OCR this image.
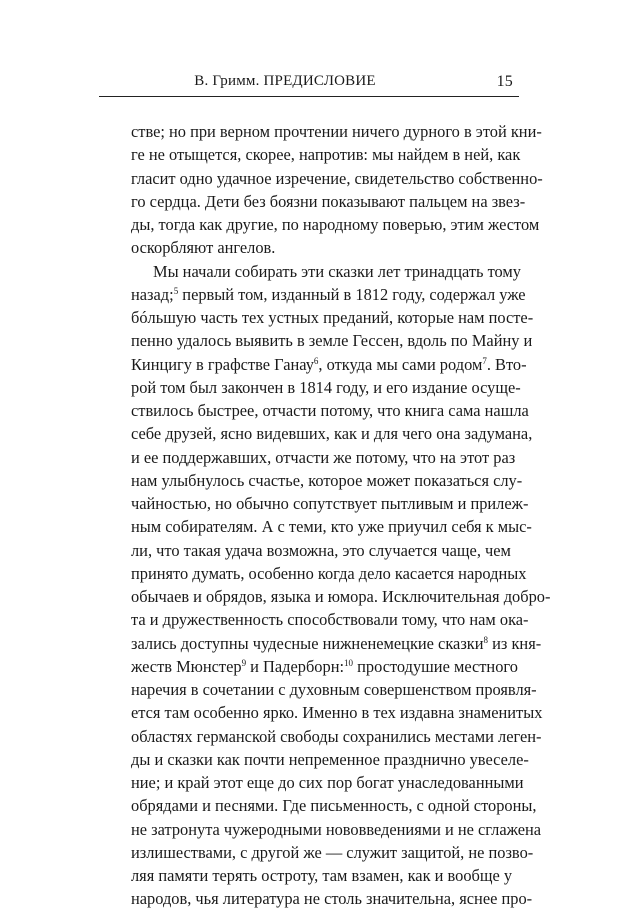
В. Гримм. ПРЕДИСЛОВИЕ	15
стве; но при верном прочтении ничего дурного в этой кни-
ге не отыщется, скорее, напротив: мы найдем в ней, как
гласит одно удачное изречение, свидетельство собственно-
го сердца. Дети без боязни показывают пальцем на звез-
ды, тогда как другие, по народному поверью, этим жестом
оскорбляют ангелов.
Мы начали собирать эти сказки лет тринадцать тому
назад;$^5$ первый том, изданный в 1812 году, содержал уже
бóльшую часть тех устных преданий, которые нам посте-
пенно удалось выявить в земле Гессен, вдоль по Майну и
Кинцигу в графстве Ганау$^6$, откуда мы сами родом$^7$. Вто-
рой том был закончен в 1814 году, и его издание осуще-
ствилось быстрее, отчасти потому, что книга сама нашла
себе друзей, ясно видевших, как и для чего она задумана,
и ее поддержавших, отчасти же потому, что на этот раз
нам улыбнулось счастье, которое может показаться слу-
чайностью, но обычно сопутствует пытливым и прилеж-
ным собирателям. А с теми, кто уже приучил себя к мыс-
ли, что такая удача возможна, это случается чаще, чем
принято думать, особенно когда дело касается народных
обычаев и обрядов, языка и юмора. Исключительная добро-
та и дружественность способствовали тому, что нам ока-
зались доступны чудесные нижненемецкие сказки$^8$ из кня-
жеств Мюнстер$^9$ и Падерборн:$^{10}$ простодушие местного
наречия в сочетании с духовным совершенством проявля-
ется там особенно ярко. Именно в тех издавна знаменитых
областях германской свободы сохранились местами леген-
ды и сказки как почти непременное празднично увеселе-
ние; и край этот еще до сих пор богат унаследованными
обрядами и песнями. Где письменность, с одной стороны,
не затронута чужеродными нововведениями и не сглажена
излишествами, с другой же — служит защитой, не позво-
ляя памяти терять остроту, там взамен, как и вообще у
народов, чья литература не столь значительна, яснее про-
